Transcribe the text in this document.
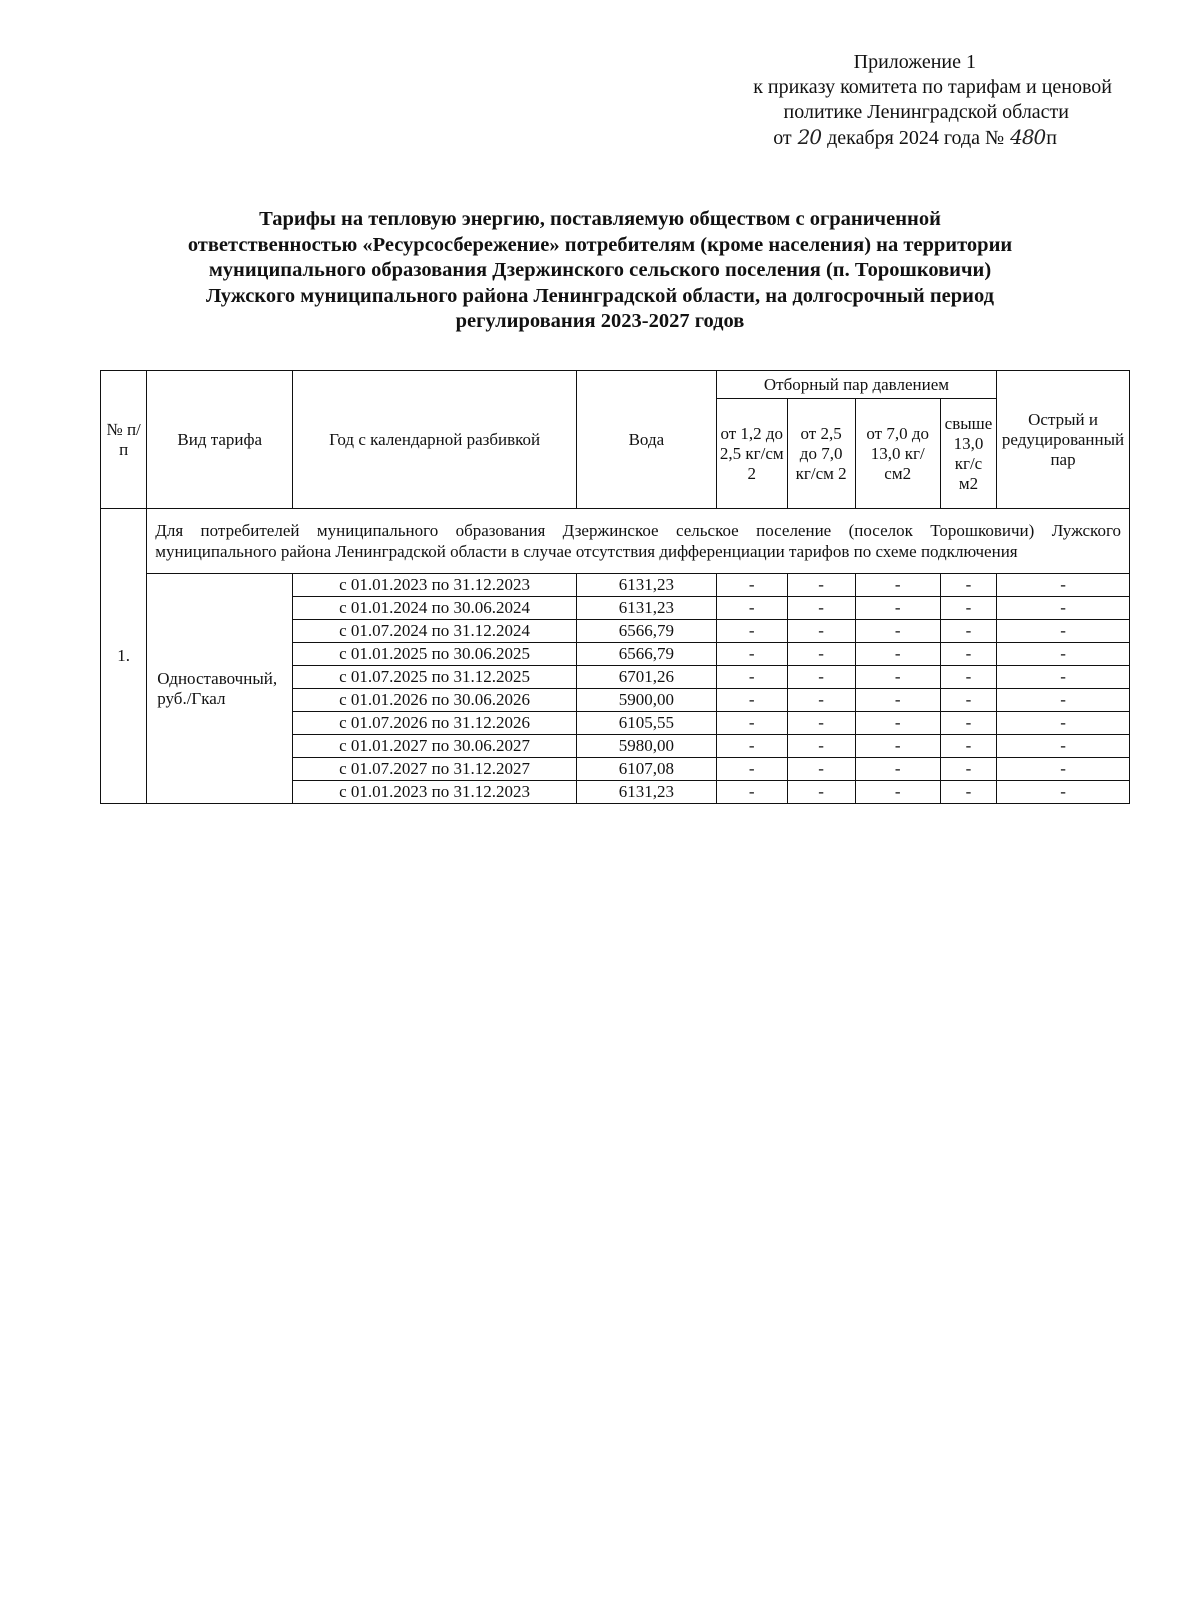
Приложение 1
к приказу комитета по тарифам и ценовой
политике Ленинградской области
от 20 декабря 2024 года № 480п
Тарифы на тепловую энергию, поставляемую обществом с ограниченной
ответственностью «Ресурсосбережение» потребителям (кроме населения) на территории
муниципального образования Дзержинского сельского поселения (п. Торошковичи)
Лужского муниципального района Ленинградской области, на долгосрочный период
регулирования 2023-2027 годов
№ п/п	Вид тарифа	Год с календарной разбивкой	Вода	Отборный пар давлением				Острый и редуцированный пар
				от 1,2 до 2,5 кг/см 2	от 2,5 до 7,0 кг/см 2	от 7,0 до 13,0 кг/см2	свыше 13,0 кг/с м2	
1.	Для потребителей муниципального образования Дзержинское сельское поселение (поселок Торошковичи) Лужского муниципального района Ленинградской области в случае отсутствия дифференциации тарифов по схеме подключения							
	Одноставочный, руб./Гкал	с 01.01.2023 по 31.12.2023	6131,23	-	-	-	-	-
		с 01.01.2024 по 30.06.2024	6131,23	-	-	-	-	-
		с 01.07.2024 по 31.12.2024	6566,79	-	-	-	-	-
		с 01.01.2025 по 30.06.2025	6566,79	-	-	-	-	-
		с 01.07.2025 по 31.12.2025	6701,26	-	-	-	-	-
		с 01.01.2026 по 30.06.2026	5900,00	-	-	-	-	-
		с 01.07.2026 по 31.12.2026	6105,55	-	-	-	-	-
		с 01.01.2027 по 30.06.2027	5980,00	-	-	-	-	-
		с 01.07.2027 по 31.12.2027	6107,08	-	-	-	-	-
		с 01.01.2023 по 31.12.2023	6131,23	-	-	-	-	-
